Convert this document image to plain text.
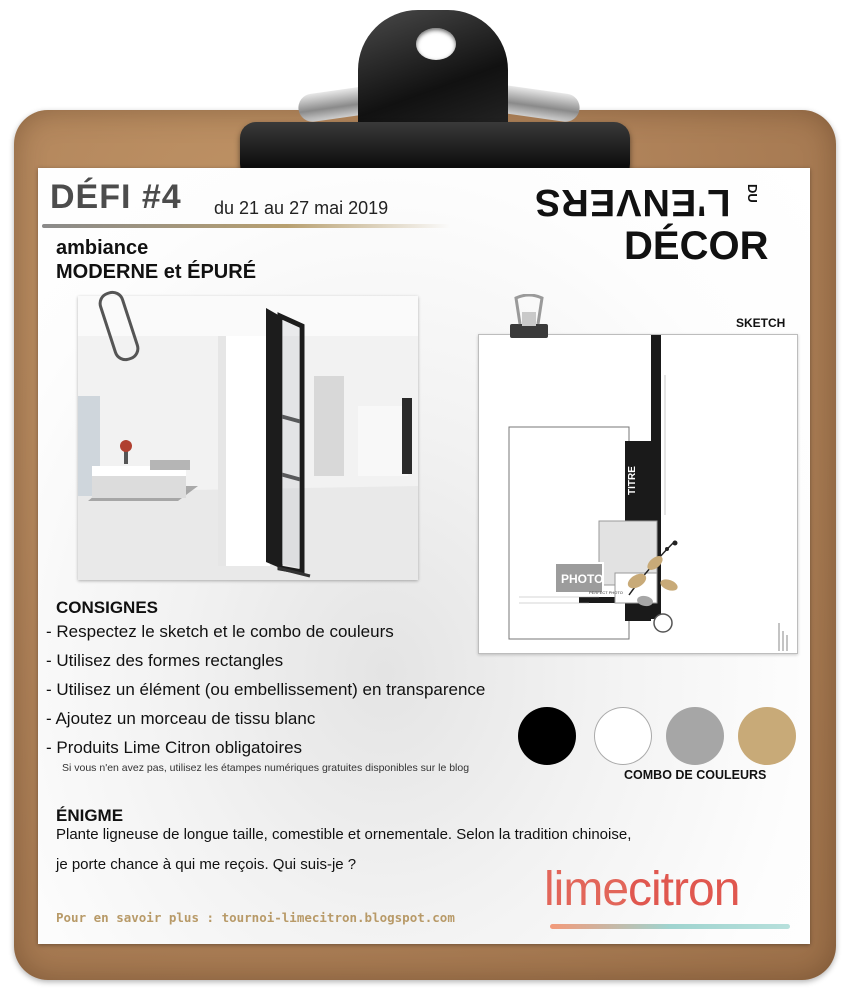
DÉFI #4 du 21 au 27 mai 2019	L'ENVERS DU
DÉCOR
ambiance
MODERNE et ÉPURÉ
SKETCH
TITRE
PHOTO
PERFECT PHOTO
CONSIGNES
- Respectez le sketch et le combo de couleurs
- Utilisez des formes rectangles
- Utilisez un élément (ou embellissement) en transparence
- Ajoutez un morceau de tissu blanc
- Produits Lime Citron obligatoires
Si vous n'en avez pas, utilisez les étampes numériques gratuites disponibles sur le blog	COMBO DE COULEURS
ÉNIGME
Plante ligneuse de longue taille, comestible et ornementale. Selon la tradition chinoise,
je porte chance à qui me reçois. Qui suis-je ?
Pour en savoir plus : tournoi-limecitron.blogspot.com
limecitron
